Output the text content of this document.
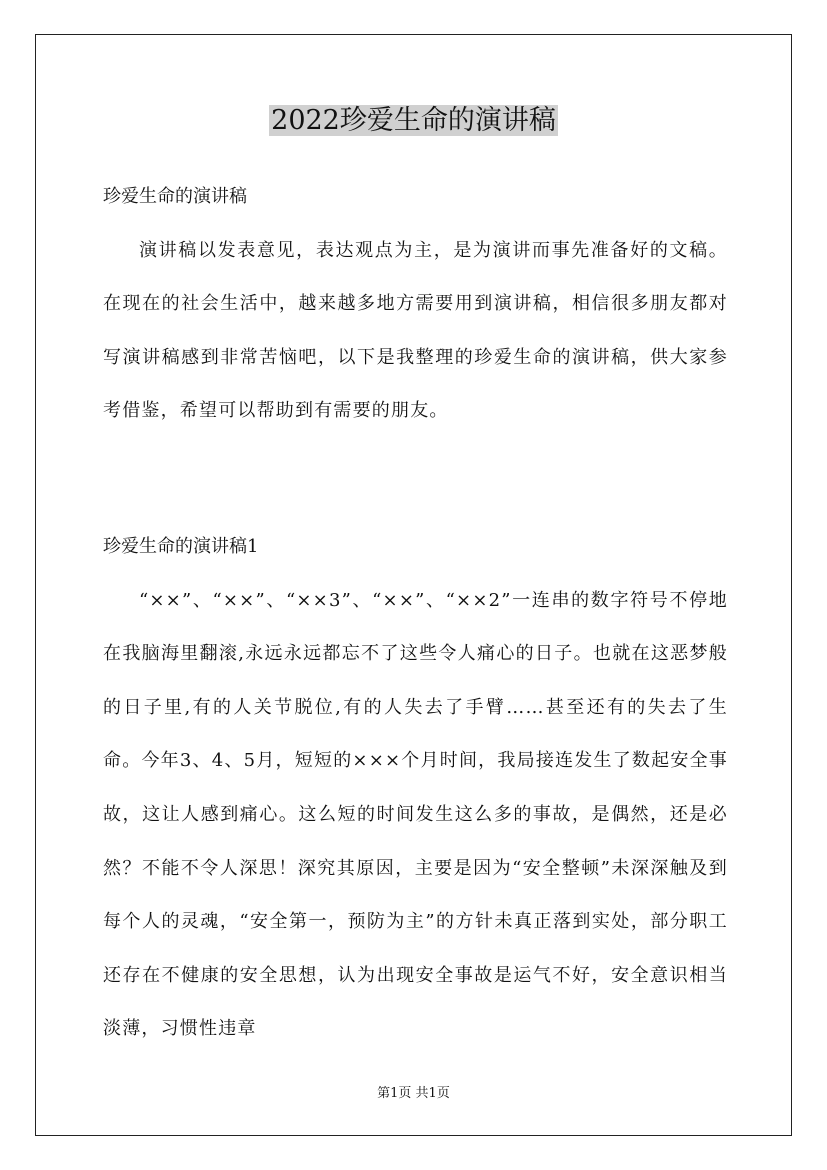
2022珍爱生命的演讲稿

珍爱生命的演讲稿

演讲稿以发表意见，表达观点为主，是为演讲而事先准备好的文稿。在现在的社会生活中，越来越多地方需要用到演讲稿，相信很多朋友都对写演讲稿感到非常苦恼吧，以下是我整理的珍爱生命的演讲稿，供大家参考借鉴，希望可以帮助到有需要的朋友。

珍爱生命的演讲稿1

“××”、“××”、“××3”、“××”、“××2”一连串的数字符号不停地在我脑海里翻滚,永远永远都忘不了这些令人痛心的日子。也就在这恶梦般的日子里,有的人关节脱位,有的人失去了手臂……甚至还有的失去了生命。今年3、4、5月，短短的×××个月时间，我局接连发生了数起安全事故，这让人感到痛心。这么短的时间发生这么多的事故，是偶然，还是必然？不能不令人深思！深究其原因，主要是因为“安全整顿”未深深触及到每个人的灵魂，“安全第一，预防为主”的方针未真正落到实处，部分职工还存在不健康的安全思想，认为出现安全事故是运气不好，安全意识相当淡薄，习惯性违章

第1页 共1页
